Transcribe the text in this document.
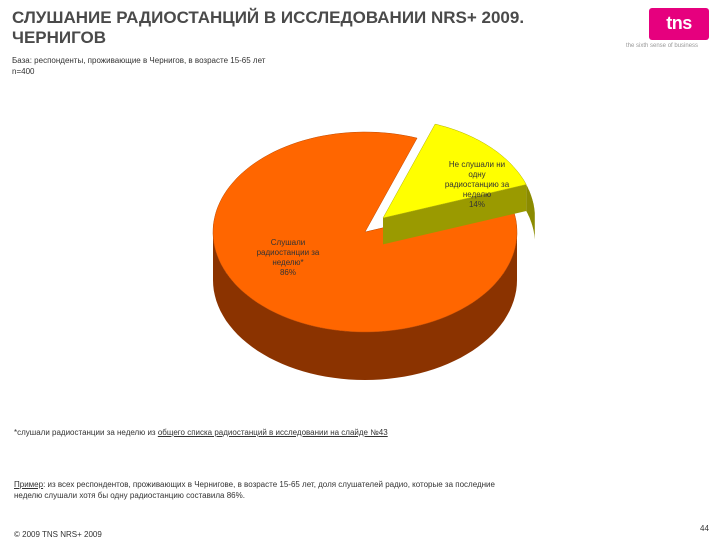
СЛУШАНИЕ РАДИОСТАНЦИЙ В ИССЛЕДОВАНИИ NRS+ 2009.
ЧЕРНИГОВ
tns
the sixth sense of business
База: респонденты, проживающие в Чернигов, в возрасте 15-65 лет
n=400
Слушали
радиостанции за
неделю*
86%
Не слушали ни
одну
радиостанцию за
неделю
14%
*слушали радиостанции за неделю из общего списка радиостанций в исследовании на слайде №43
Пример: из всех респондентов, проживающих в Чернигове, в возрасте 15-65 лет, доля слушателей радио, которые за последние
неделю слушали хотя бы одну радиостанцию составила 86%.
© 2009 TNS NRS+ 2009
44
